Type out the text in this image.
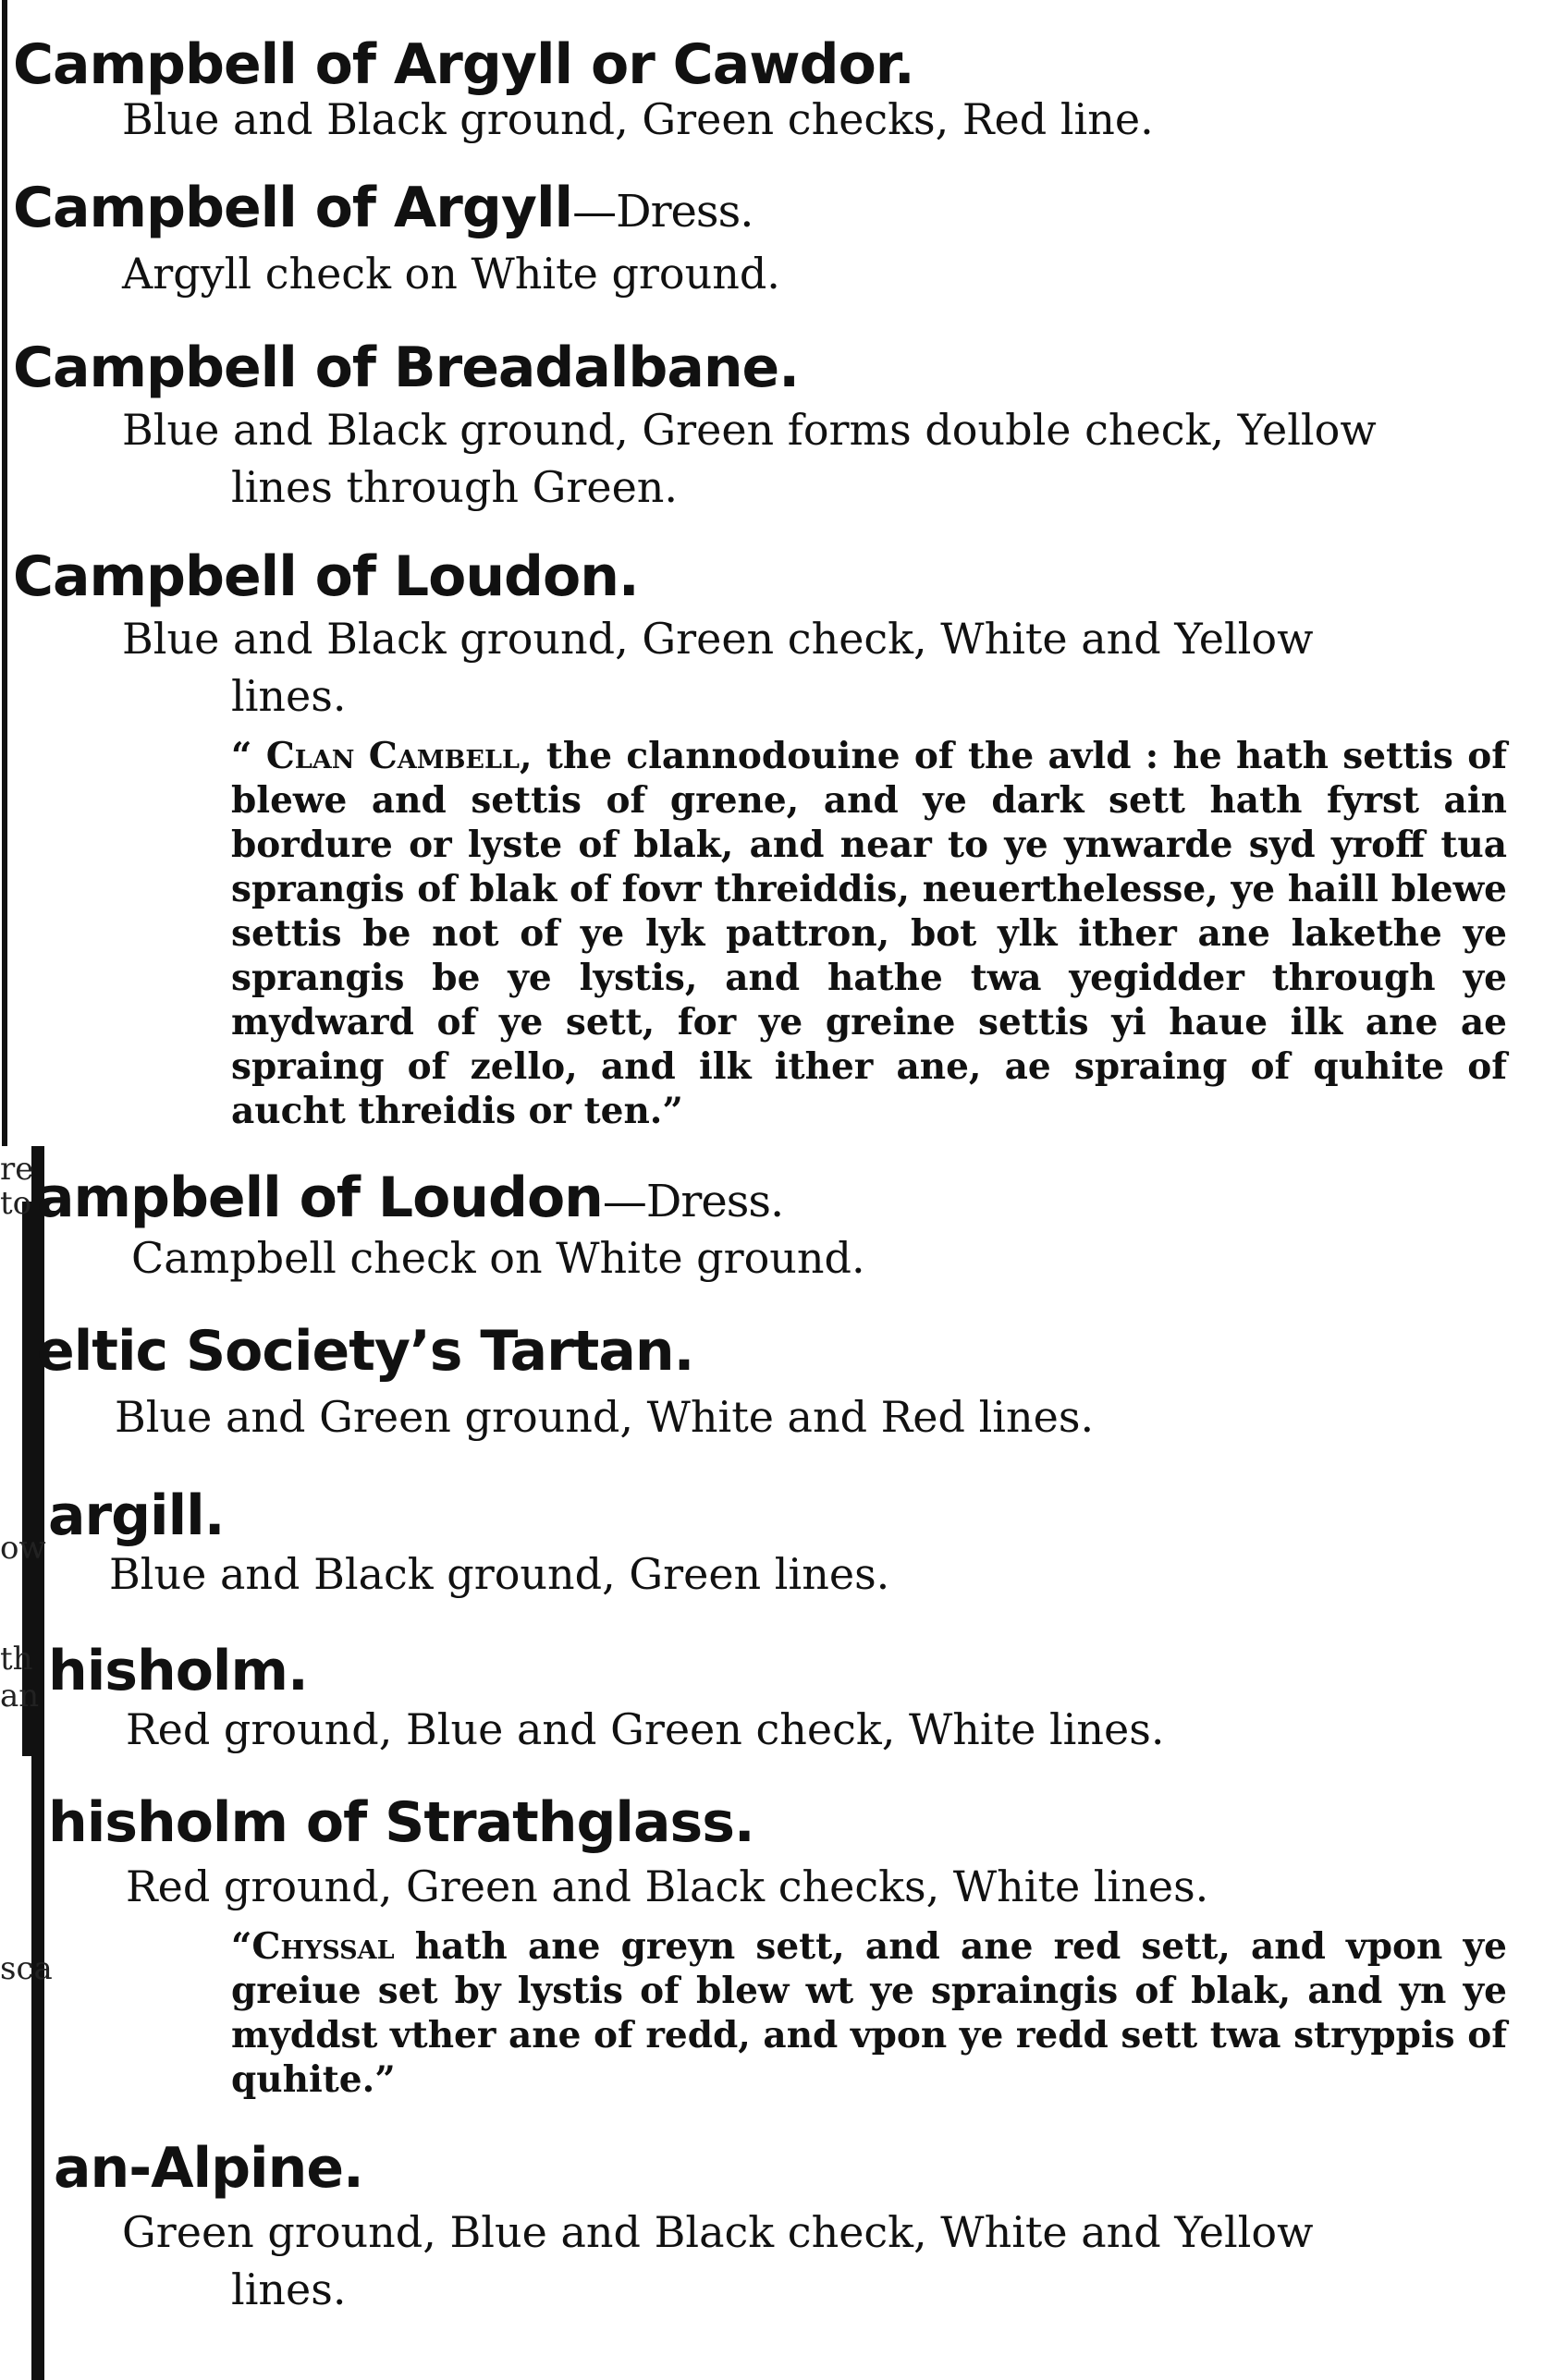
re
to
ow
th
an
sca
Campbell of Argyll or Cawdor.
Blue and Black ground, Green checks, Red line.
Campbell of Argyll—Dress.
Argyll check on White ground.
Campbell of Breadalbane.
Blue and Black ground, Green forms double check, Yellow
lines through Green.
Campbell of Loudon.
Blue and Black ground, Green check, White and Yellow
lines.
“ Clan Cambell, the clannodouine of the avld : he hath settis of blewe and settis of grene, and ye dark sett hath fyrst ain bordure or lyste of blak, and near to ye ynwarde syd yroff tua sprangis of blak of fovr threiddis, neuerthelesse, ye haill blewe settis be not of ye lyk pattron, bot ylk ither ane lakethe ye sprangis be ye lystis, and hathe twa yegidder through ye mydward of ye sett, for ye greine settis yi haue ilk ane ae spraing of zello, and ilk ither ane, ae spraing of quhite of aucht threidis or ten.”
ampbell of Loudon—Dress.
Campbell check on White ground.
eltic Society’s Tartan.
Blue and Green ground, White and Red lines.
argill.
Blue and Black ground, Green lines.
hisholm.
Red ground, Blue and Green check, White lines.
hisholm of Strathglass.
Red ground, Green and Black checks, White lines.
“Chyssal hath ane greyn sett, and ane red sett, and vpon ye greiue set by lystis of blew wt ye spraingis of blak, and yn ye myddst vther ane of redd, and vpon ye redd sett twa stryppis of quhite.”
an-Alpine.
Green ground, Blue and Black check, White and Yellow
lines.
